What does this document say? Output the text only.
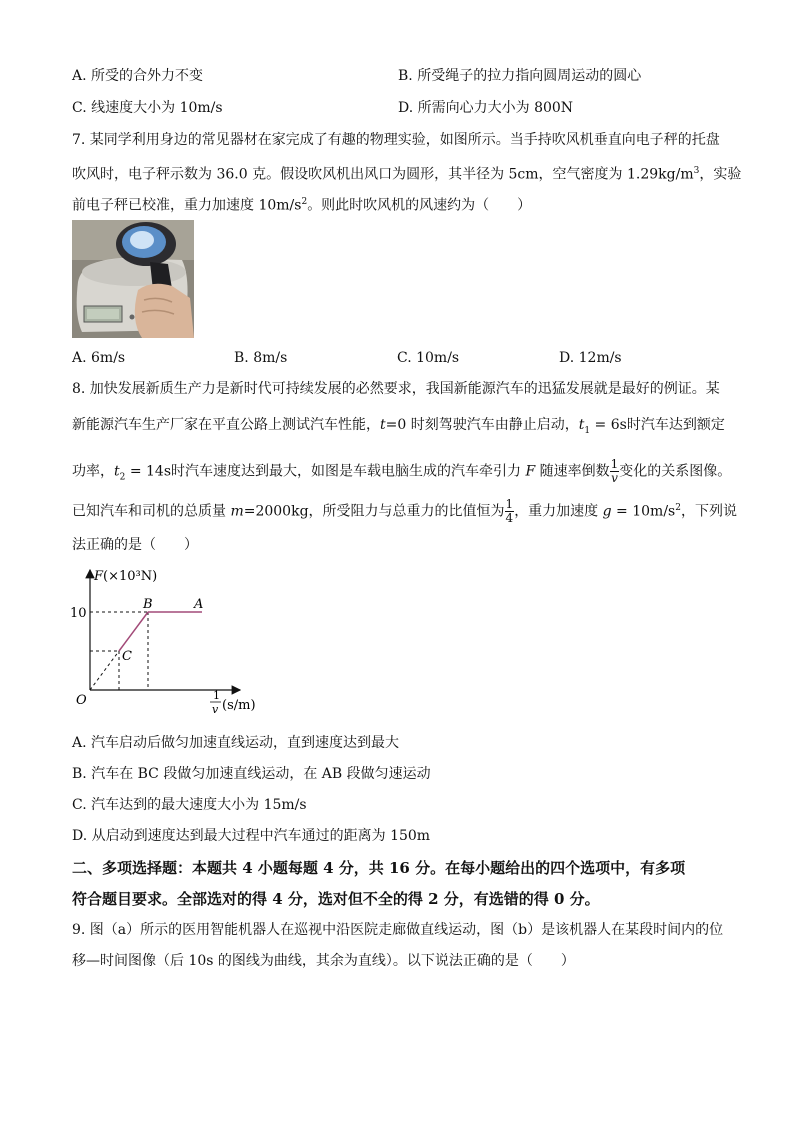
A. 所受的合外力不变	B. 所受绳子的拉力指向圆周运动的圆心
C. 线速度大小为 10m/s	D. 所需向心力大小为 800N
7. 某同学利用身边的常见器材在家完成了有趣的物理实验，如图所示。当手持吹风机垂直向电子秤的托盘
吹风时，电子秤示数为 36.0 克。假设吹风机出风口为圆形，其半径为 5cm，空气密度为 $1.29kg/m^3$，实验
前电子秤已校准，重力加速度 $10m/s^2$。则此时吹风机的风速约为（　　）
A. 6m/s	B. 8m/s	C. 10m/s	D. 12m/s
8. 加快发展新质生产力是新时代可持续发展的必然要求，我国新能源汽车的迅猛发展就是最好的例证。某
新能源汽车生产厂家在平直公路上测试汽车性能，t=0 时刻驾驶汽车由静止启动，$t_1 = 6s$时汽车达到额定
功率，$t_2 = 14s$时汽车速度达到最大，如图是车载电脑生成的汽车牵引力 F 随速率倒数 $\frac{1}{v}$ 变化的关系图像。
已知汽车和司机的总质量 m=2000kg，所受阻力与总重力的比值恒为 $\frac{1}{4}$ ，重力加速度 $g = 10m/s^2$，下列说
法正确的是（　　）
F(×10³N)
10
O
A
B
C
1
v (s/m)
A. 汽车启动后做匀加速直线运动，直到速度达到最大
B. 汽车在 BC 段做匀加速直线运动，在 AB 段做匀速运动
C. 汽车达到的最大速度大小为 15m/s
D. 从启动到速度达到最大过程中汽车通过的距离为 150m
二、多项选择题：本题共 4 小题每题 4 分，共 16 分。在每小题给出的四个选项中，有多项
符合题目要求。全部选对的得 4 分，选对但不全的得 2 分，有选错的得 0 分。
9. 图（a）所示的医用智能机器人在巡视中沿医院走廊做直线运动，图（b）是该机器人在某段时间内的位
移—时间图像（后 10s 的图线为曲线，其余为直线）。以下说法正确的是（　　）
